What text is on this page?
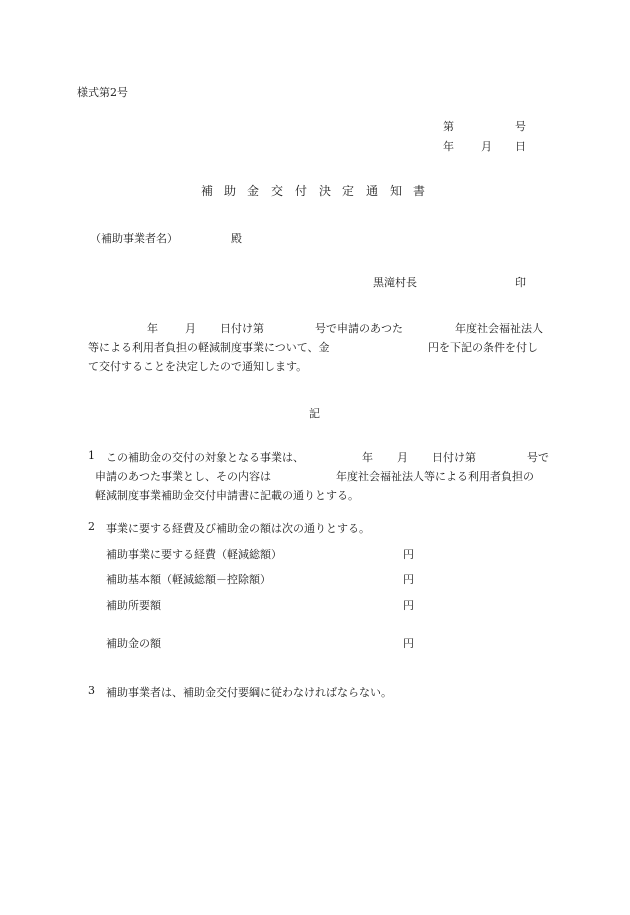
様式第2号
第	号
年 月 日
補 助 金 交 付 決 定 通 知 書
（補助事業者名）	殿
黒滝村長	印
年 月 日付け第	号で申請のあつた	年度社会福祉法人
等による利用者負担の軽減制度事業について、金	円を下記の条件を付し
て交付することを決定したので通知します。
記
1 この補助金の交付の対象となる事業は、	年 月 日付け第	号で
申請のあつた事業とし、その内容は	年度社会福祉法人等による利用者負担の
軽減制度事業補助金交付申請書に記載の通りとする。
2 事業に要する経費及び補助金の額は次の通りとする。
補助事業に要する経費（軽減総額）	円
補助基本額（軽減総額－控除額）	円
補助所要額	円
補助金の額	円
3 補助事業者は、補助金交付要綱に従わなければならない。
